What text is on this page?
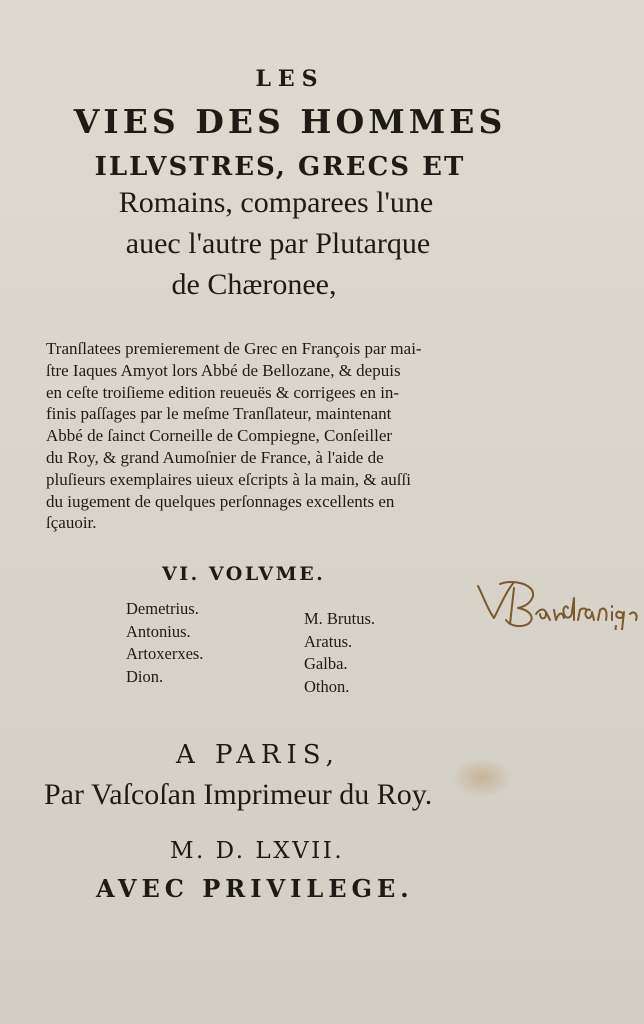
LES
VIES DES HOMMES
ILLVSTRES, GRECS ET
Romains, comparees l'une
auec l'autre par Plutarque
de Chæronee,
Tranſlatees premierement de Grec en François par mai-
ſtre Iaques Amyot lors Abbé de Bellozane, & depuis
en ceſte troiſieme edition reueuës & corrigees en in-
finis paſſages par le meſme Tranſlateur, maintenant
Abbé de ſainct Corneille de Compiegne, Conſeiller
du Roy, & grand Aumoſnier de France, à l'aide de
pluſieurs exemplaires uieux eſcripts à la main, & auſſi
du iugement de quelques perſonnages excellents en
ſçauoir.
VI. VOLVME.
Demetrius.
Antonius.
Artoxerxes.
Dion.
M. Brutus.
Aratus.
Galba.
Othon.
A PARIS,
Par Vaſcoſan Imprimeur du Roy.
M. D. LXVII.
AVEC PRIVILEGE.
